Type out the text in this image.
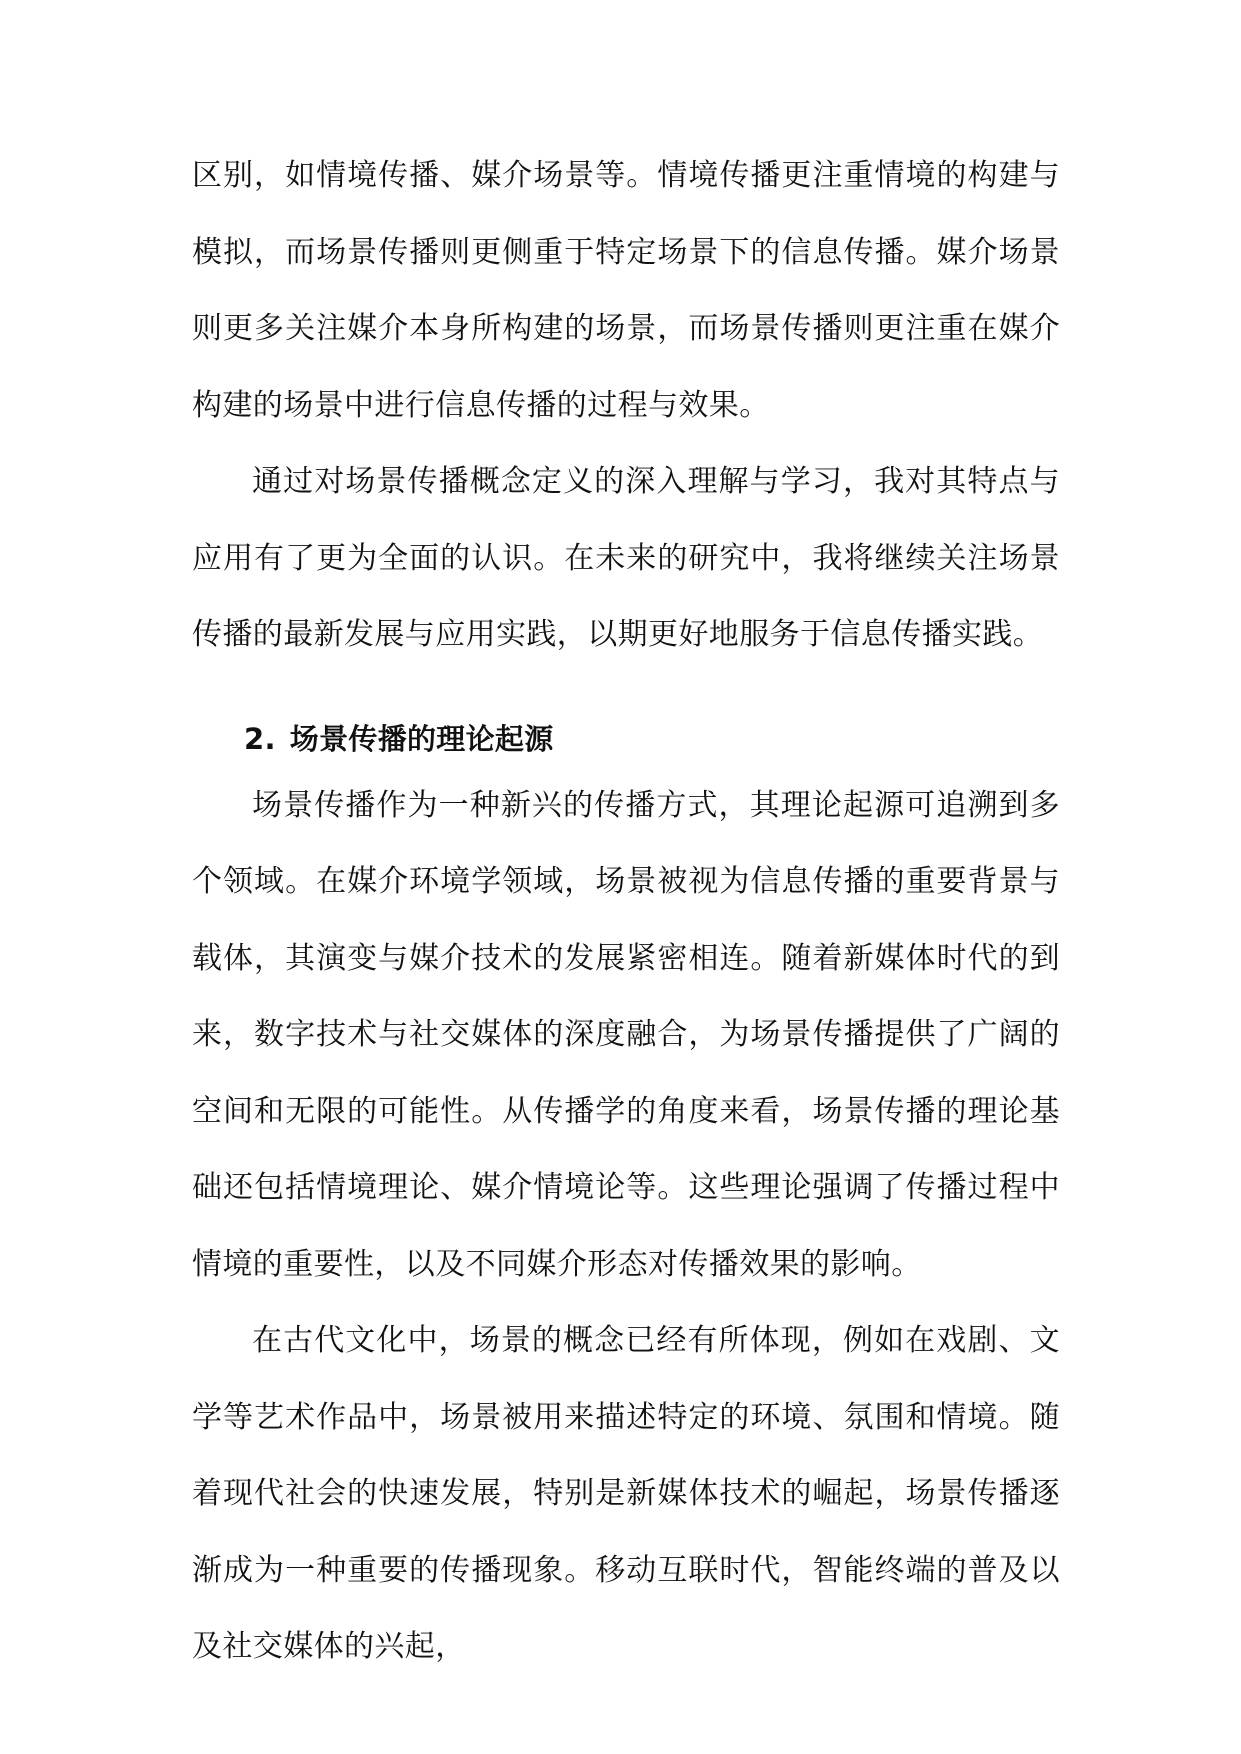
区别，如情境传播、媒介场景等。情境传播更注重情境的构建与模拟，而场景传播则更侧重于特定场景下的信息传播。媒介场景则更多关注媒介本身所构建的场景，而场景传播则更注重在媒介构建的场景中进行信息传播的过程与效果。

通过对场景传播概念定义的深入理解与学习，我对其特点与应用有了更为全面的认识。在未来的研究中，我将继续关注场景传播的最新发展与应用实践，以期更好地服务于信息传播实践。

2. 场景传播的理论起源

场景传播作为一种新兴的传播方式，其理论起源可追溯到多个领域。在媒介环境学领域，场景被视为信息传播的重要背景与载体，其演变与媒介技术的发展紧密相连。随着新媒体时代的到来，数字技术与社交媒体的深度融合，为场景传播提供了广阔的空间和无限的可能性。从传播学的角度来看，场景传播的理论基础还包括情境理论、媒介情境论等。这些理论强调了传播过程中情境的重要性，以及不同媒介形态对传播效果的影响。

在古代文化中，场景的概念已经有所体现，例如在戏剧、文学等艺术作品中，场景被用来描述特定的环境、氛围和情境。随着现代社会的快速发展，特别是新媒体技术的崛起，场景传播逐渐成为一种重要的传播现象。移动互联时代，智能终端的普及以及社交媒体的兴起，
